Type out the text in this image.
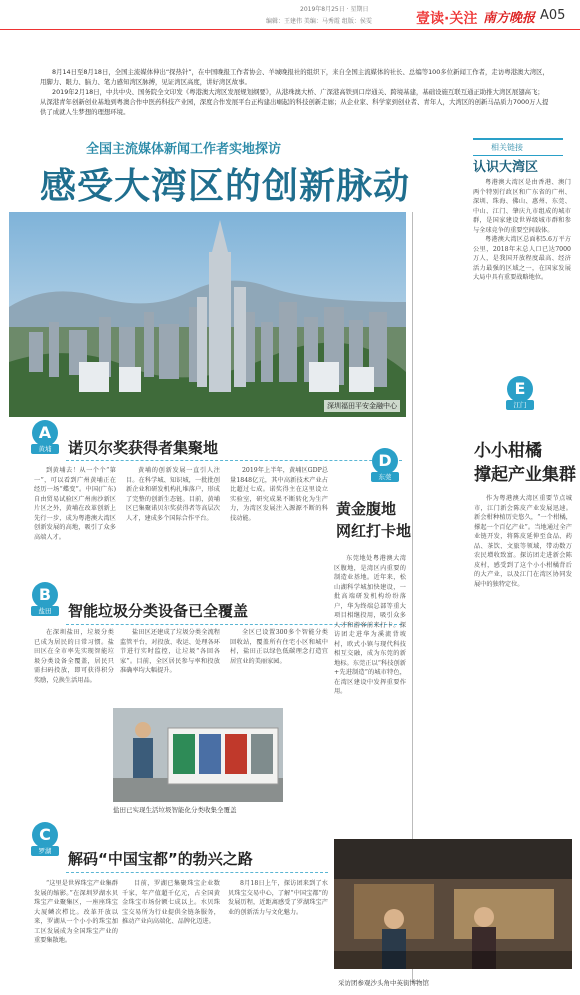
2019年8月25日 · 星期日
编辑：王建伟 美编：马秀霞 组版：侯雯	壹读·关注 南方晚报 A05

8月14日至8月18日，全国主流媒体伸出“探热针”，在中国晚报工作者协会、羊城晚报社的组织下，来自全国主流媒体的社长、总编等100多位新闻工作者，走访粤港澳大湾区，用脚力、眼力、脑力、笔力感知湾区脉搏，见证湾区高度，讲好湾区故事。

2019年2月18日，中共中央、国务院全文印发《粤港澳大湾区发展规划纲要》，从港珠澳大桥、广深港高铁到口岸通关、跨境基建，基础设施互联互通正助推大湾区展翅高飞；从深港青年创新创业基地到粤澳合作中医药科技产业园，深度合作发展平台正构建出崛起的科技创新走廊；从企业家、科学家到创业者、青年人，大湾区的创新马品质力7000万人提供了成就人生梦想的理想环境。

全国主流媒体新闻工作者实地探访
感受大湾区的创新脉动
深圳福田平安金融中心
相关链接
认识大湾区

粤港澳大湾区是由香港、澳门两个特别行政区和广东省的广州、深圳、珠海、佛山、惠州、东莞、中山、江门、肇庆九市组成的城市群，是国家建设世界级城市群和参与全球竞争的重要空间载体。

粤港澳大湾区总面积5.6万平方公里，2018年末总人口已达7000万人，是我国开放程度最高、经济活力最强的区域之一，在国家发展大局中具有重要战略地位。

A
黄埔	诺贝尔奖获得者集聚地

到黄埔去！从一个个“第一”，可以看到广州黄埔正在经历一场“蝶变”。中国(广东)自由贸易试验区广州南沙新区片区之外，黄埔在改革创新上先行一步，成为粤港澳大湾区创新发展的高地，吸引了众多高端人才。

黄埔的创新发展一直引人注目。在科学城、知识城，一批批创新企业和研发机构扎堆落户，形成了完整的创新生态链。目前，黄埔区已集聚诺贝尔奖获得者等高层次人才，建成多个国际合作平台。

2019年上半年，黄埔区GDP总量1848亿元，其中高新技术产业占比超过七成。诺奖得主在这里设立实验室，研究成果不断转化为生产力，为湾区发展注入源源不断的科技动能。

B
盐田	智能垃圾分类设备已全覆盖

在深圳盐田，垃圾分类已成为居民的日常习惯。盐田区在全市率先实现智能垃圾分类设备全覆盖，居民只需扫码投放，即可获得积分奖励，兑换生活用品。

盐田区还建成了垃圾分类全流程监管平台，对投放、收运、处理各环节进行实时监控，让垃圾“各回各家”。目前，全区居民参与率和投放准确率均大幅提升。

全区已设置300多个智能分类回收站，覆盖所有住宅小区和城中村，盐田正以绿色低碳理念打造宜居宜业的美丽家园。

盐田已实现生活垃圾智能化分类收集全覆盖
C
罗湖	解码“中国宝都”的勃兴之路

“这里是世界珠宝产业集群发展的缩影。”在深圳罗湖水贝珠宝产业聚集区，一座座珠宝大厦鳞次栉比。改革开放以来，罗湖从一个小小的珠宝加工区发展成为全国珠宝产业的重要集散地。

目前，罗湖已集聚珠宝企业数千家，年产值超千亿元，占全国黄金珠宝市场份额七成以上。水贝珠宝交易所为行业提供全链条服务，推动产业向高端化、品牌化迈进。

8月18日上午，探访团来到了水贝珠宝交易中心，了解“中国宝都”的发展历程，近距离感受了罗湖珠宝产业的创新活力与文化魅力。

采访团参观沙头角中英街博物馆
D
东莞
黄金腹地
网红打卡地

东莞地处粤港澳大湾区腹地，是湾区内重要的制造业基地。近年来，松山湖科学城加快建设，一批高端研发机构纷纷落户，华为终端总部等重大项目相继投用，吸引众多人才和游客前来打卡。探访团走进华为溪流背坡村，欧式小镇与现代科技相互交融，成为东莞的新地标。东莞正以“科技创新+先进制造”的城市特色，在湾区建设中发挥重要作用。

E
江门
小小柑橘
撑起产业集群

作为粤港澳大湾区重要节点城市，江门新会陈皮产业发展迅速。新会柑种植历史悠久，“一个柑橘，撑起一个百亿产业”。当地通过全产业链开发，将陈皮延伸至食品、药品、茶饮、文旅等领域，带动数万农民增收致富。探访团走进新会陈皮村，感受到了这个小小柑橘背后的大产业，以及江门在湾区协同发展中的独特定位。
